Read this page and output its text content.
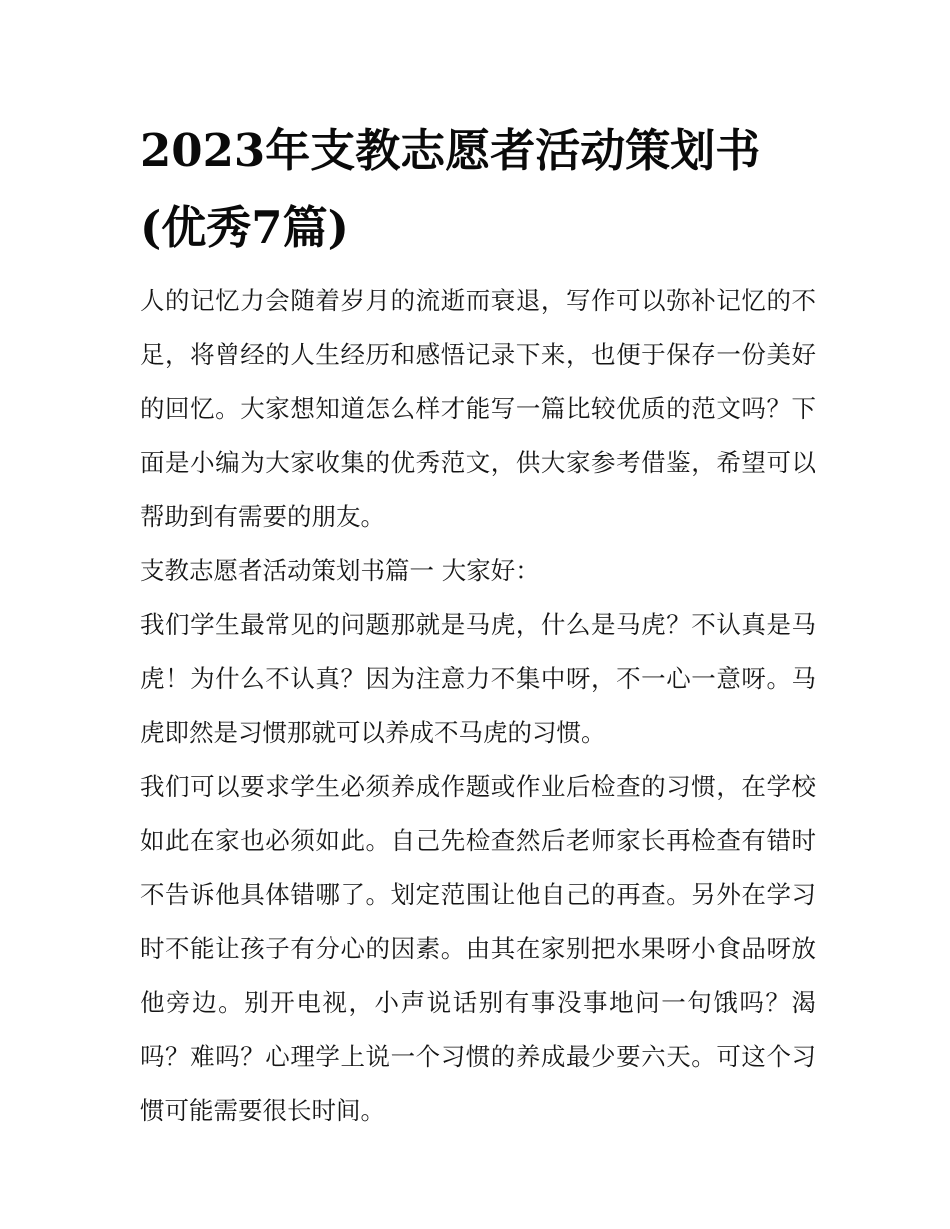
2023年支教志愿者活动策划书(优秀7篇)

人的记忆力会随着岁月的流逝而衰退，写作可以弥补记忆的不足，将曾经的人生经历和感悟记录下来，也便于保存一份美好的回忆。大家想知道怎么样才能写一篇比较优质的范文吗？下面是小编为大家收集的优秀范文，供大家参考借鉴，希望可以帮助到有需要的朋友。

支教志愿者活动策划书篇一 大家好：

我们学生最常见的问题那就是马虎，什么是马虎？不认真是马虎！为什么不认真？因为注意力不集中呀，不一心一意呀。马虎即然是习惯那就可以养成不马虎的习惯。

我们可以要求学生必须养成作题或作业后检查的习惯，在学校如此在家也必须如此。自己先检查然后老师家长再检查有错时不告诉他具体错哪了。划定范围让他自己的再查。另外在学习时不能让孩子有分心的因素。由其在家别把水果呀小食品呀放他旁边。别开电视，小声说话别有事没事地问一句饿吗？渴吗？难吗？心理学上说一个习惯的养成最少要六天。可这个习惯可能需要很长时间。
